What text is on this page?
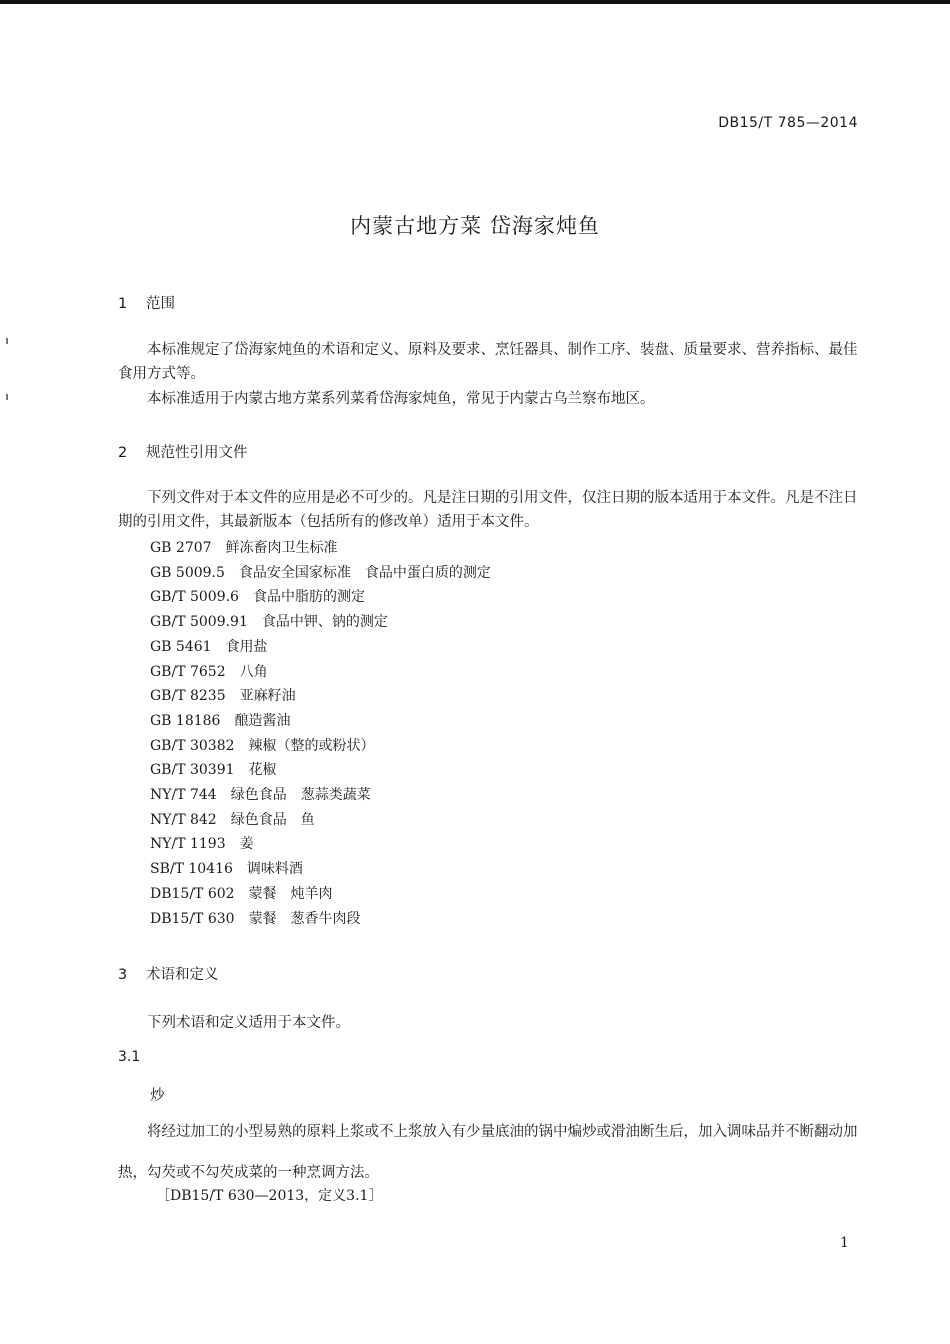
DB15/T 785—2014
内蒙古地方菜 岱海家炖鱼
1 范围
本标准规定了岱海家炖鱼的术语和定义、原料及要求、烹饪器具、制作工序、装盘、质量要求、营养指标、最佳食用方式等。
本标准适用于内蒙古地方菜系列菜肴岱海家炖鱼，常见于内蒙古乌兰察布地区。
2 规范性引用文件
下列文件对于本文件的应用是必不可少的。凡是注日期的引用文件，仅注日期的版本适用于本文件。凡是不注日期的引用文件，其最新版本（包括所有的修改单）适用于本文件。
GB 2707 鲜冻畜肉卫生标准
GB 5009.5 食品安全国家标准　食品中蛋白质的测定
GB/T 5009.6 食品中脂肪的测定
GB/T 5009.91 食品中钾、钠的测定
GB 5461 食用盐
GB/T 7652 八角
GB/T 8235 亚麻籽油
GB 18186 酿造酱油
GB/T 30382 辣椒（整的或粉状）
GB/T 30391 花椒
NY/T 744 绿色食品　葱蒜类蔬菜
NY/T 842 绿色食品　鱼
NY/T 1193 姜
SB/T 10416 调味料酒
DB15/T 602 蒙餐　炖羊肉
DB15/T 630 蒙餐　葱香牛肉段
3 术语和定义
下列术语和定义适用于本文件。
3.1
炒
将经过加工的小型易熟的原料上浆或不上浆放入有少量底油的锅中煸炒或滑油断生后，加入调味品并不断翻动加热，勾芡或不勾芡成菜的一种烹调方法。
［DB15/T 630—2013，定义3.1］
1
